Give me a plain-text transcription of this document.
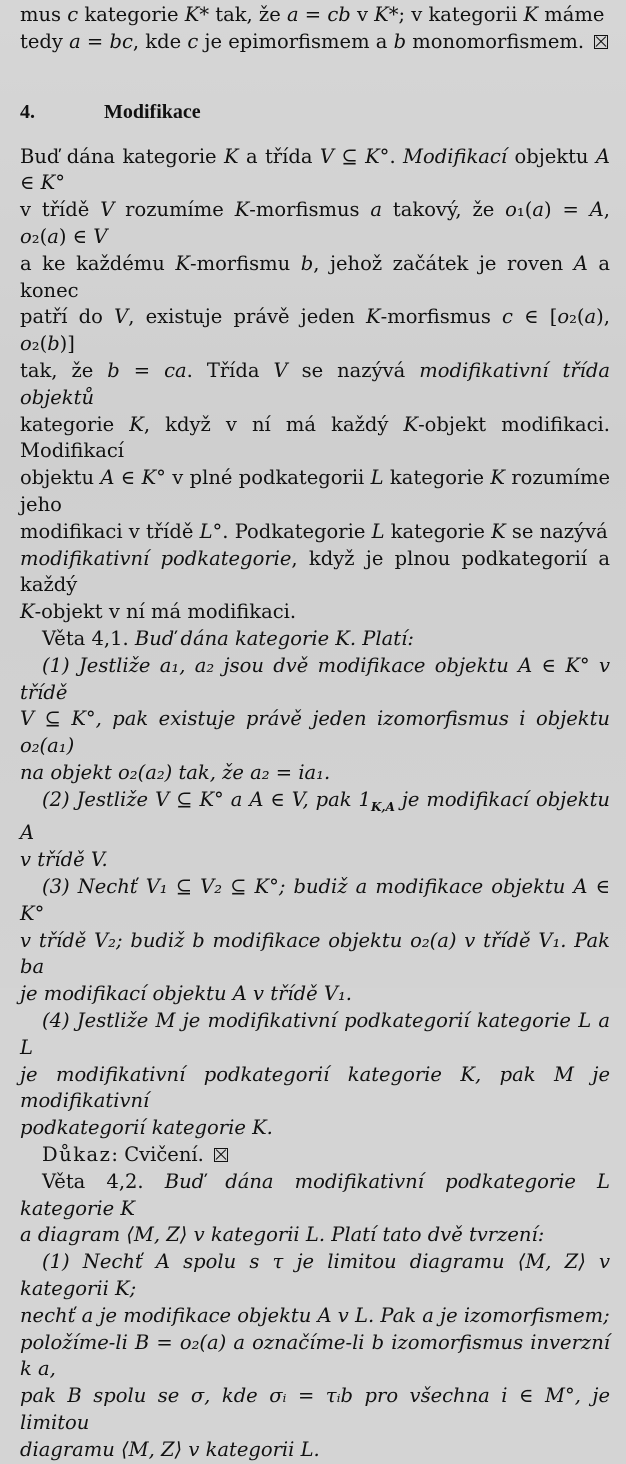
mus c kategorie K* tak, že a = cb v K*; v kategorii K máme
tedy a = bc, kde c je epimorfismem a b monomorfismem.

4.	Modifikace

Buď dána kategorie K a třída V ⊆ K°. Modifikací objektu A ∈ K°
v třídě V rozumíme K-morfismus a takový, že o₁(a) = A, o₂(a) ∈ V
a ke každému K-morfismu b, jehož začátek je roven A a konec
patří do V, existuje právě jeden K-morfismus c ∈ [o₂(a), o₂(b)]
tak, že b = ca. Třída V se nazývá modifikativní třída objektů
kategorie K, když v ní má každý K-objekt modifikaci. Modifikací
objektu A ∈ K° v plné podkategorii L kategorie K rozumíme jeho
modifikaci v třídě L°. Podkategorie L kategorie K se nazývá
modifikativní podkategorie, když je plnou podkategorií a každý
K-objekt v ní má modifikaci.

Věta 4,1. Buď dána kategorie K. Platí:

(1) Jestliže a₁, a₂ jsou dvě modifikace objektu A ∈ K° v třídě
V ⊆ K°, pak existuje právě jeden izomorfismus i objektu o₂(a₁)
na objekt o₂(a₂) tak, že a₂ = ia₁.

(2) Jestliže V ⊆ K° a A ∈ V, pak $1_{K,A}$ je modifikací objektu A
v třídě V.

(3) Nechť V₁ ⊆ V₂ ⊆ K°; budiž a modifikace objektu A ∈ K°
v třídě V₂; budiž b modifikace objektu o₂(a) v třídě V₁. Pak ba
je modifikací objektu A v třídě V₁.

(4) Jestliže M je modifikativní podkategorií kategorie L a L
je modifikativní podkategorií kategorie K, pak M je modifikativní
podkategorií kategorie K.

Důkaz: Cvičení.

Věta 4,2. Buď dána modifikativní podkategorie L kategorie K
a diagram ⟨M, Z⟩ v kategorii L. Platí tato dvě tvrzení:

(1) Nechť A spolu s τ je limitou diagramu ⟨M, Z⟩ v kategorii K;
nechť a je modifikace objektu A v L. Pak a je izomorfismem;
položíme-li B = o₂(a) a označíme-li b izomorfismus inverzní k a,
pak B spolu se σ, kde σᵢ = τᵢb pro všechna i ∈ M°, je limitou
diagramu ⟨M, Z⟩ v kategorii L.
